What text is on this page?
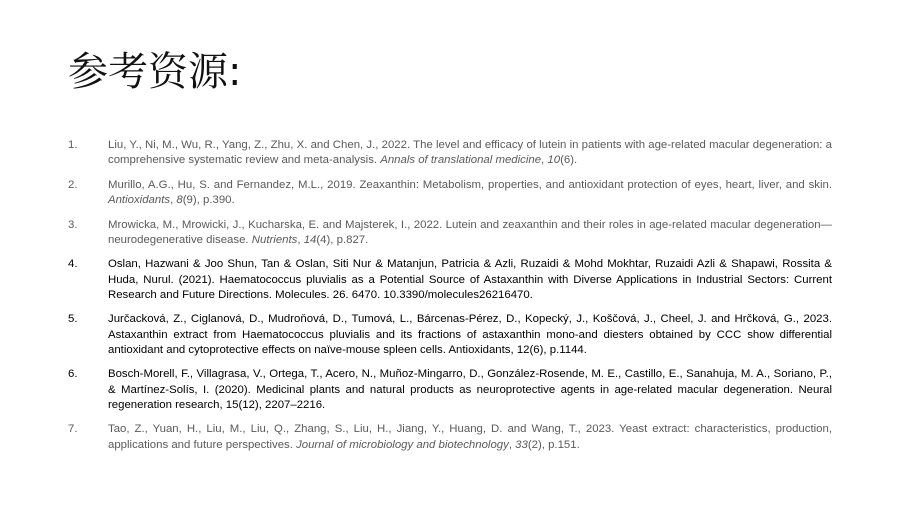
参考资源:
1.	Liu, Y., Ni, M., Wu, R., Yang, Z., Zhu, X. and Chen, J., 2022. The level and efficacy of lutein in patients with age-related macular degeneration: a comprehensive systematic review and meta-analysis. Annals of translational medicine, 10(6).
2.	Murillo, A.G., Hu, S. and Fernandez, M.L., 2019. Zeaxanthin: Metabolism, properties, and antioxidant protection of eyes, heart, liver, and skin. Antioxidants, 8(9), p.390.
3.	Mrowicka, M., Mrowicki, J., Kucharska, E. and Majsterek, I., 2022. Lutein and zeaxanthin and their roles in age-related macular degeneration—neurodegenerative disease. Nutrients, 14(4), p.827.
4.	Oslan, Hazwani & Joo Shun, Tan & Oslan, Siti Nur & Matanjun, Patricia & Azli, Ruzaidi & Mohd Mokhtar, Ruzaidi Azli & Shapawi, Rossita & Huda, Nurul. (2021). Haematococcus pluvialis as a Potential Source of Astaxanthin with Diverse Applications in Industrial Sectors: Current Research and Future Directions. Molecules. 26. 6470. 10.3390/molecules26216470.
5.	Jurčacková, Z., Ciglanová, D., Mudroňová, D., Tumová, L., Bárcenas-Pérez, D., Kopecký, J., Koščová, J., Cheel, J. and Hrčková, G., 2023. Astaxanthin extract from Haematococcus pluvialis and its fractions of astaxanthin mono-and diesters obtained by CCC show differential antioxidant and cytoprotective effects on naïve-mouse spleen cells. Antioxidants, 12(6), p.1144.
6.	Bosch-Morell, F., Villagrasa, V., Ortega, T., Acero, N., Muñoz-Mingarro, D., González-Rosende, M. E., Castillo, E., Sanahuja, M. A., Soriano, P., & Martínez-Solís, I. (2020). Medicinal plants and natural products as neuroprotective agents in age-related macular degeneration. Neural regeneration research, 15(12), 2207–2216.
7.	Tao, Z., Yuan, H., Liu, M., Liu, Q., Zhang, S., Liu, H., Jiang, Y., Huang, D. and Wang, T., 2023. Yeast extract: characteristics, production, applications and future perspectives. Journal of microbiology and biotechnology, 33(2), p.151.
